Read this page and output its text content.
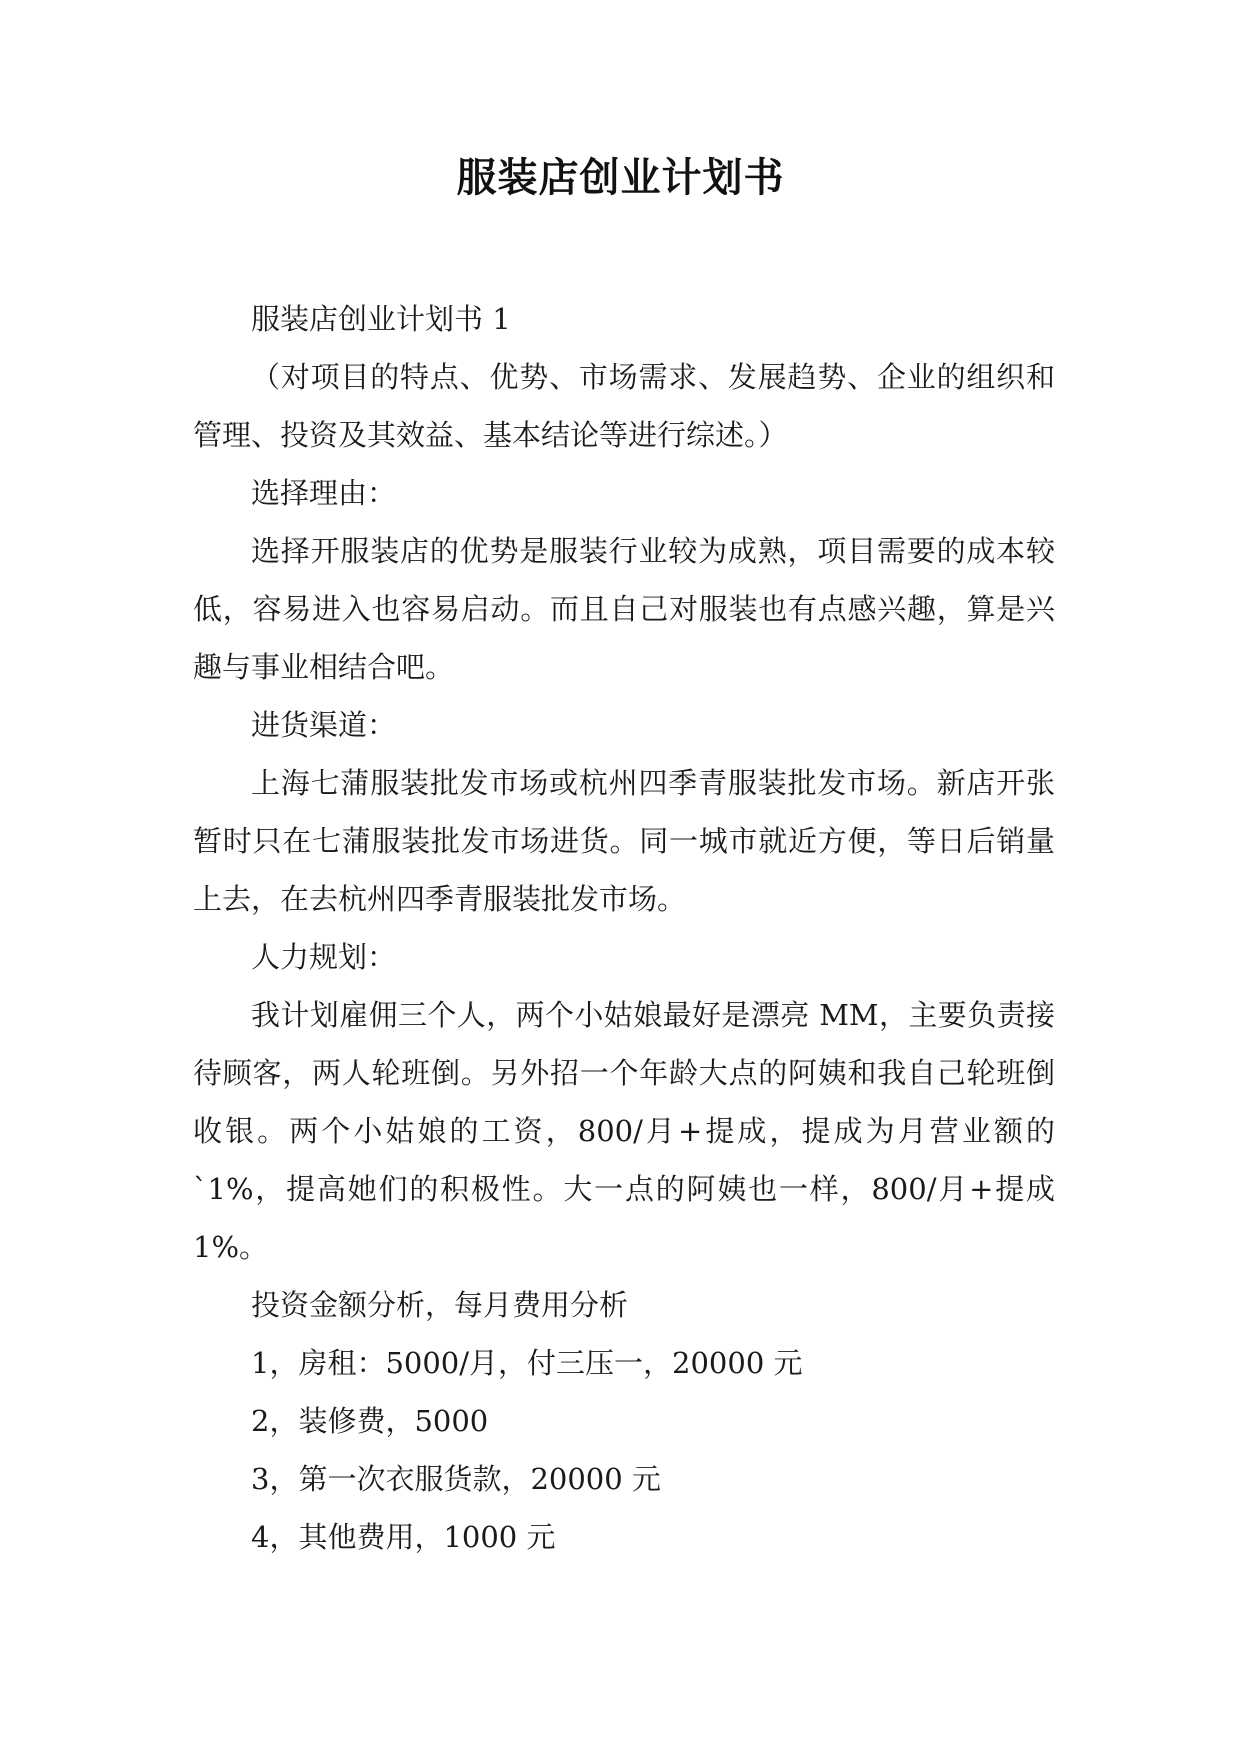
服装店创业计划书

服装店创业计划书 1

（对项目的特点、优势、市场需求、发展趋势、企业的组织和管理、投资及其效益、基本结论等进行综述。）

选择理由：

选择开服装店的优势是服装行业较为成熟，项目需要的成本较低，容易进入也容易启动。而且自己对服装也有点感兴趣，算是兴趣与事业相结合吧。

进货渠道：

上海七蒲服装批发市场或杭州四季青服装批发市场。新店开张暂时只在七蒲服装批发市场进货。同一城市就近方便，等日后销量上去，在去杭州四季青服装批发市场。

人力规划：

我计划雇佣三个人，两个小姑娘最好是漂亮 MM，主要负责接待顾客，两人轮班倒。另外招一个年龄大点的阿姨和我自己轮班倒收银。两个小姑娘的工资，800/月+提成，提成为月营业额的`1%，提高她们的积极性。大一点的阿姨也一样，800/月+提成 1%。

投资金额分析，每月费用分析

1，房租：5000/月，付三压一，20000 元

2，装修费，5000

3，第一次衣服货款，20000 元

4，其他费用，1000 元
